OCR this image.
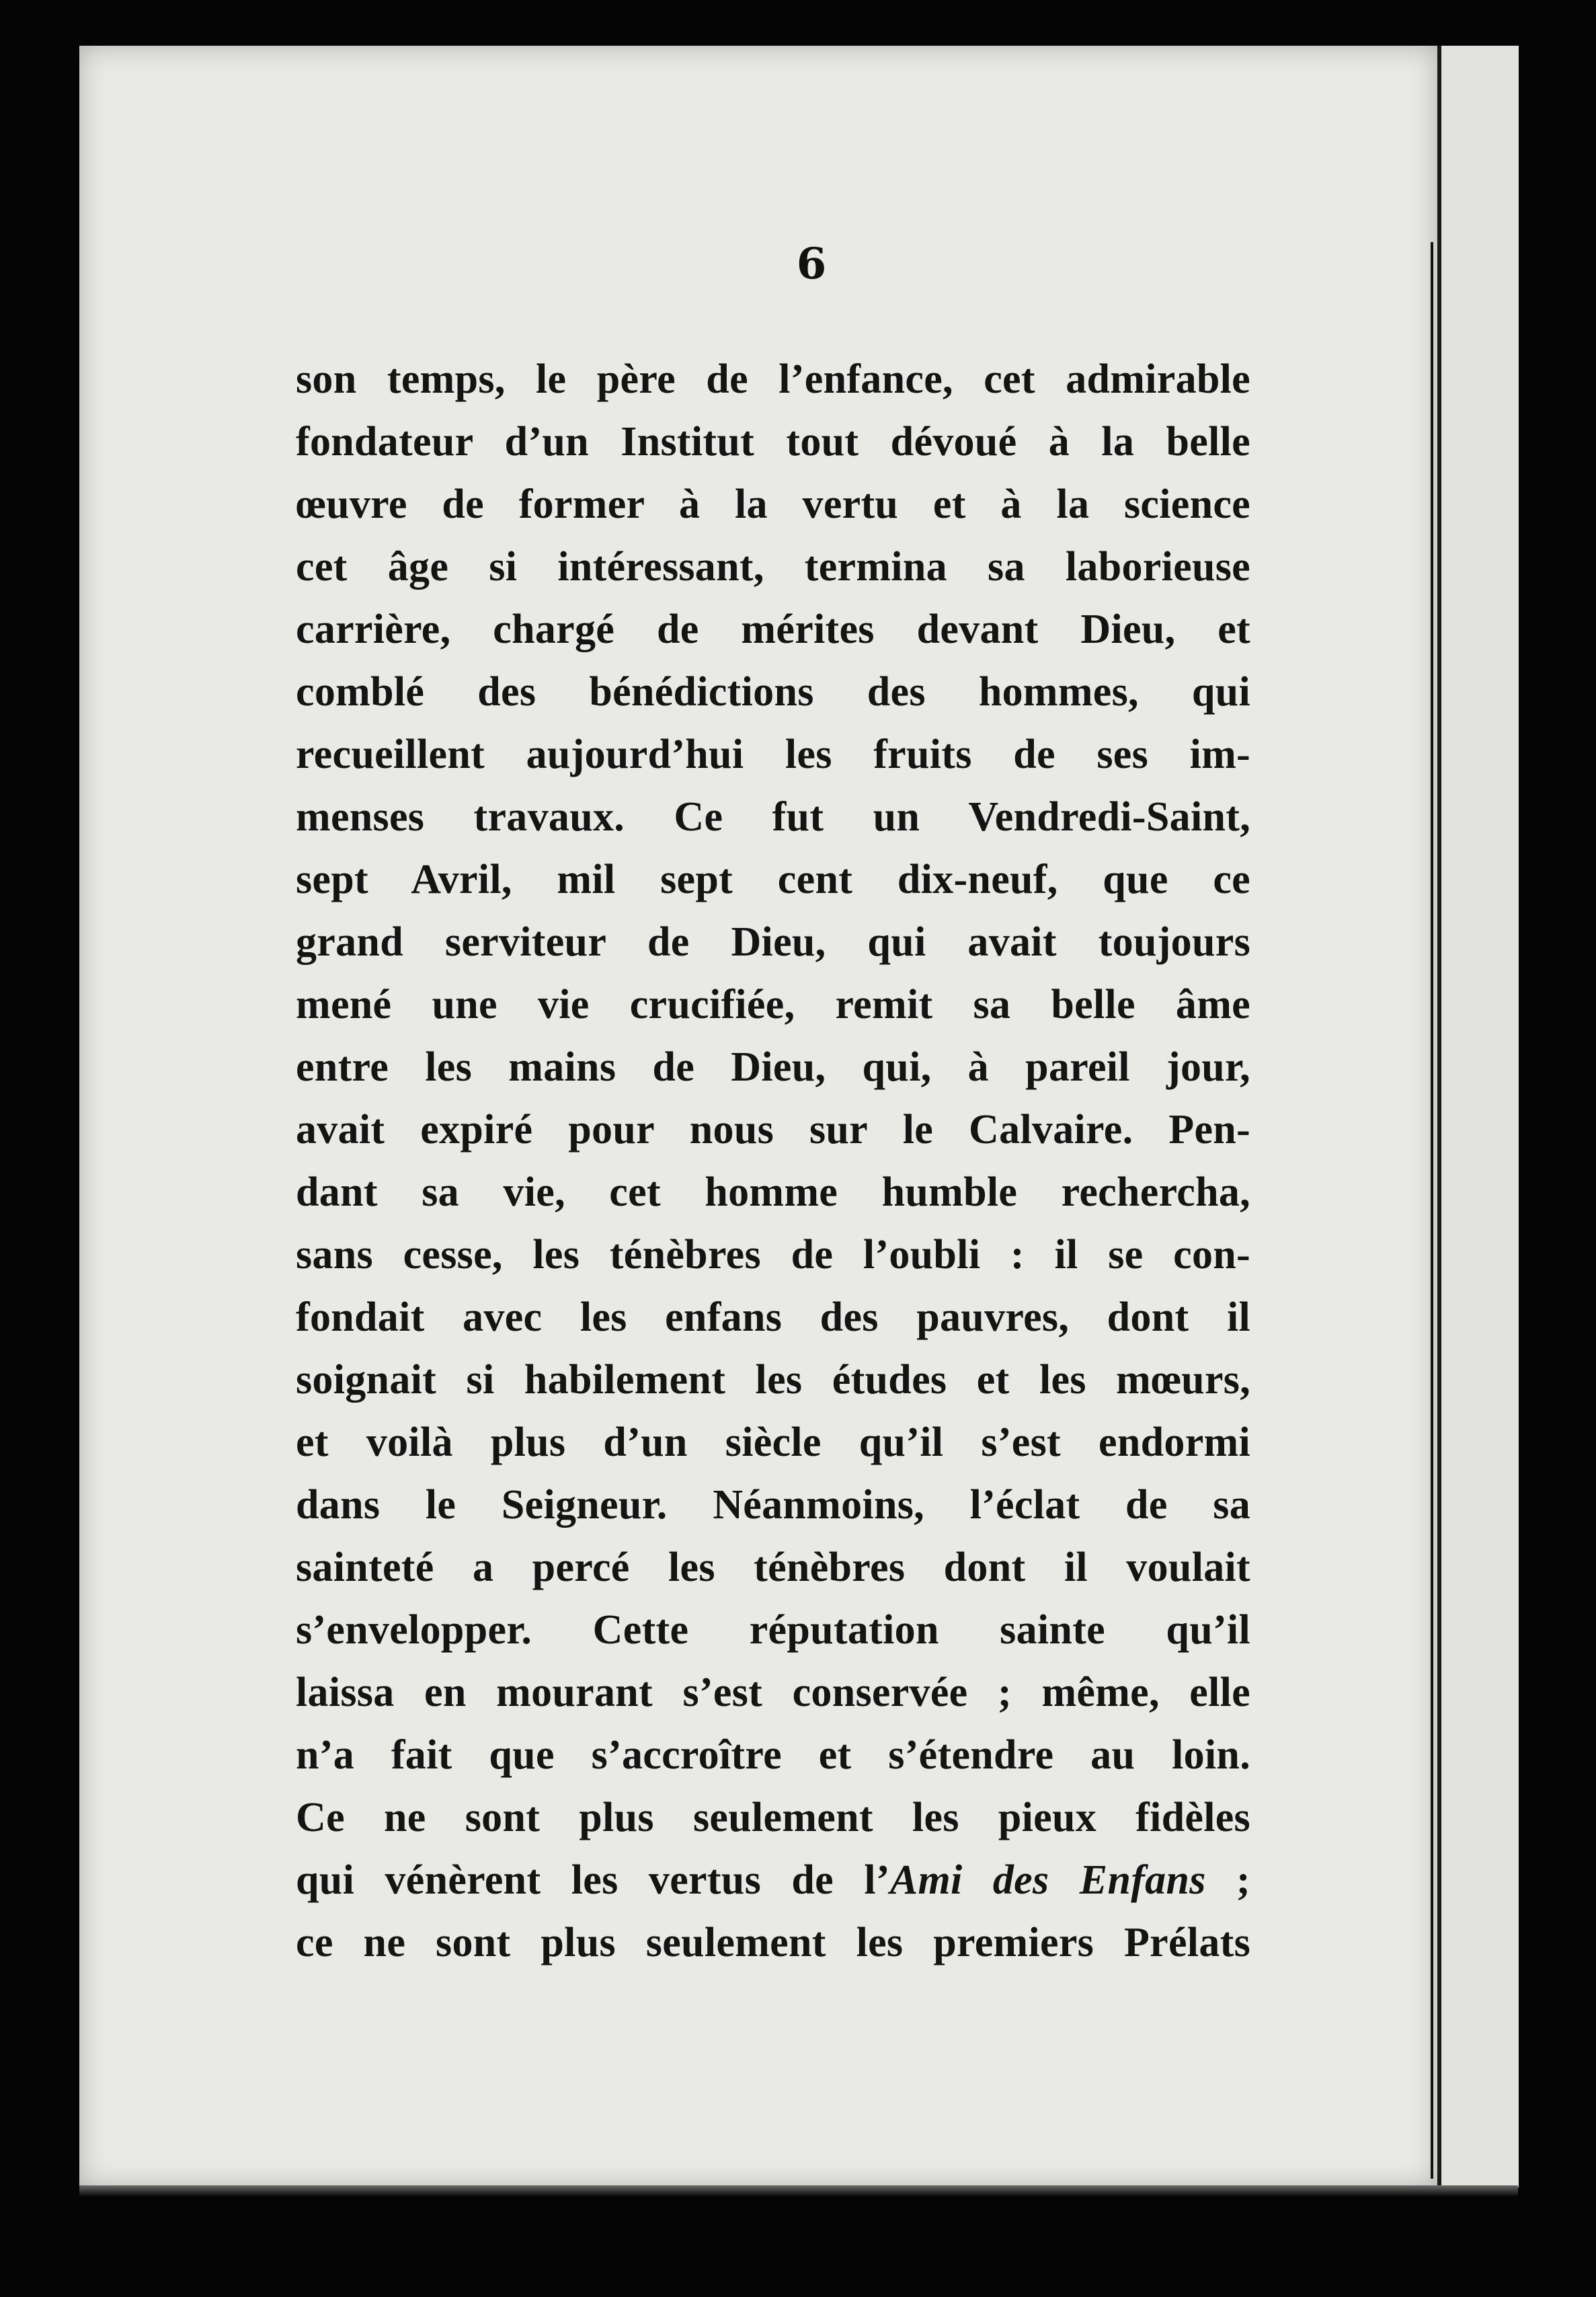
6
son temps, le père de l’enfance, cet admirable
fondateur d’un Institut tout dévoué à la belle
œuvre de former à la vertu et à la science
cet âge si intéressant, termina sa laborieuse
carrière, chargé de mérites devant Dieu, et
comblé des bénédictions des hommes, qui
recueillent aujourd’hui les fruits de ses im-
menses travaux. Ce fut un Vendredi-Saint,
sept Avril, mil sept cent dix-neuf, que ce
grand serviteur de Dieu, qui avait toujours
mené une vie crucifiée, remit sa belle âme
entre les mains de Dieu, qui, à pareil jour,
avait expiré pour nous sur le Calvaire. Pen-
dant sa vie, cet homme humble rechercha,
sans cesse, les ténèbres de l’oubli : il se con-
fondait avec les enfans des pauvres, dont il
soignait si habilement les études et les mœurs,
et voilà plus d’un siècle qu’il s’est endormi
dans le Seigneur. Néanmoins, l’éclat de sa
sainteté a percé les ténèbres dont il voulait
s’envelopper. Cette réputation sainte qu’il
laissa en mourant s’est conservée ; même, elle
n’a fait que s’accroître et s’étendre au loin.
Ce ne sont plus seulement les pieux fidèles
qui vénèrent les vertus de l’Ami des Enfans ;
ce ne sont plus seulement les premiers Prélats
